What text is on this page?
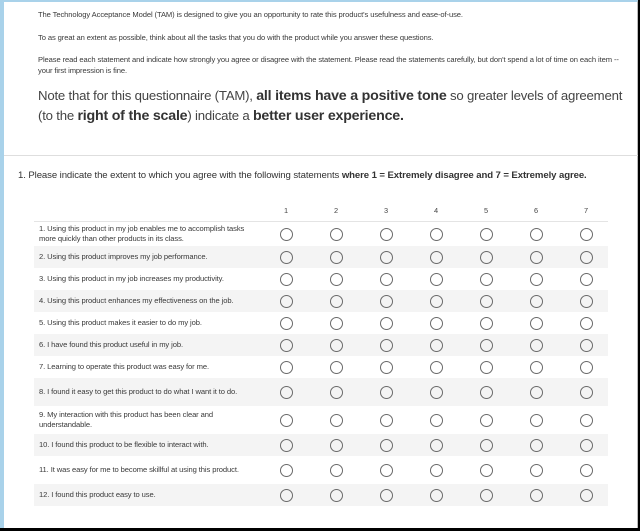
The Technology Acceptance Model (TAM) is designed to give you an opportunity to rate this product's usefulness and ease-of-use.

To as great an extent as possible, think about all the tasks that you do with the product while you answer these questions.

Please read each statement and indicate how strongly you agree or disagree with the statement. Please read the statements carefully, but don't spend a lot of time on each item -- your first impression is fine.

Note that for this questionnaire (TAM), all items have a positive tone so greater levels of agreement (to the right of the scale) indicate a better user experience.
1. Please indicate the extent to which you agree with the following statements where 1 = Extremely disagree and 7 = Extremely agree.
1	2	3	4	5	6	7
1. Using this product in my job enables me to accomplish tasks more quickly than other products in its class.
2. Using this product improves my job performance.
3. Using this product in my job increases my productivity.
4. Using this product enhances my effectiveness on the job.
5. Using this product makes it easier to do my job.
6. I have found this product useful in my job.
7. Learning to operate this product was easy for me.
8. I found it easy to get this product to do what I want it to do.
9. My interaction with this product has been clear and understandable.
10. I found this product to be flexible to interact with.
11. It was easy for me to become skillful at using this product.
12. I found this product easy to use.
